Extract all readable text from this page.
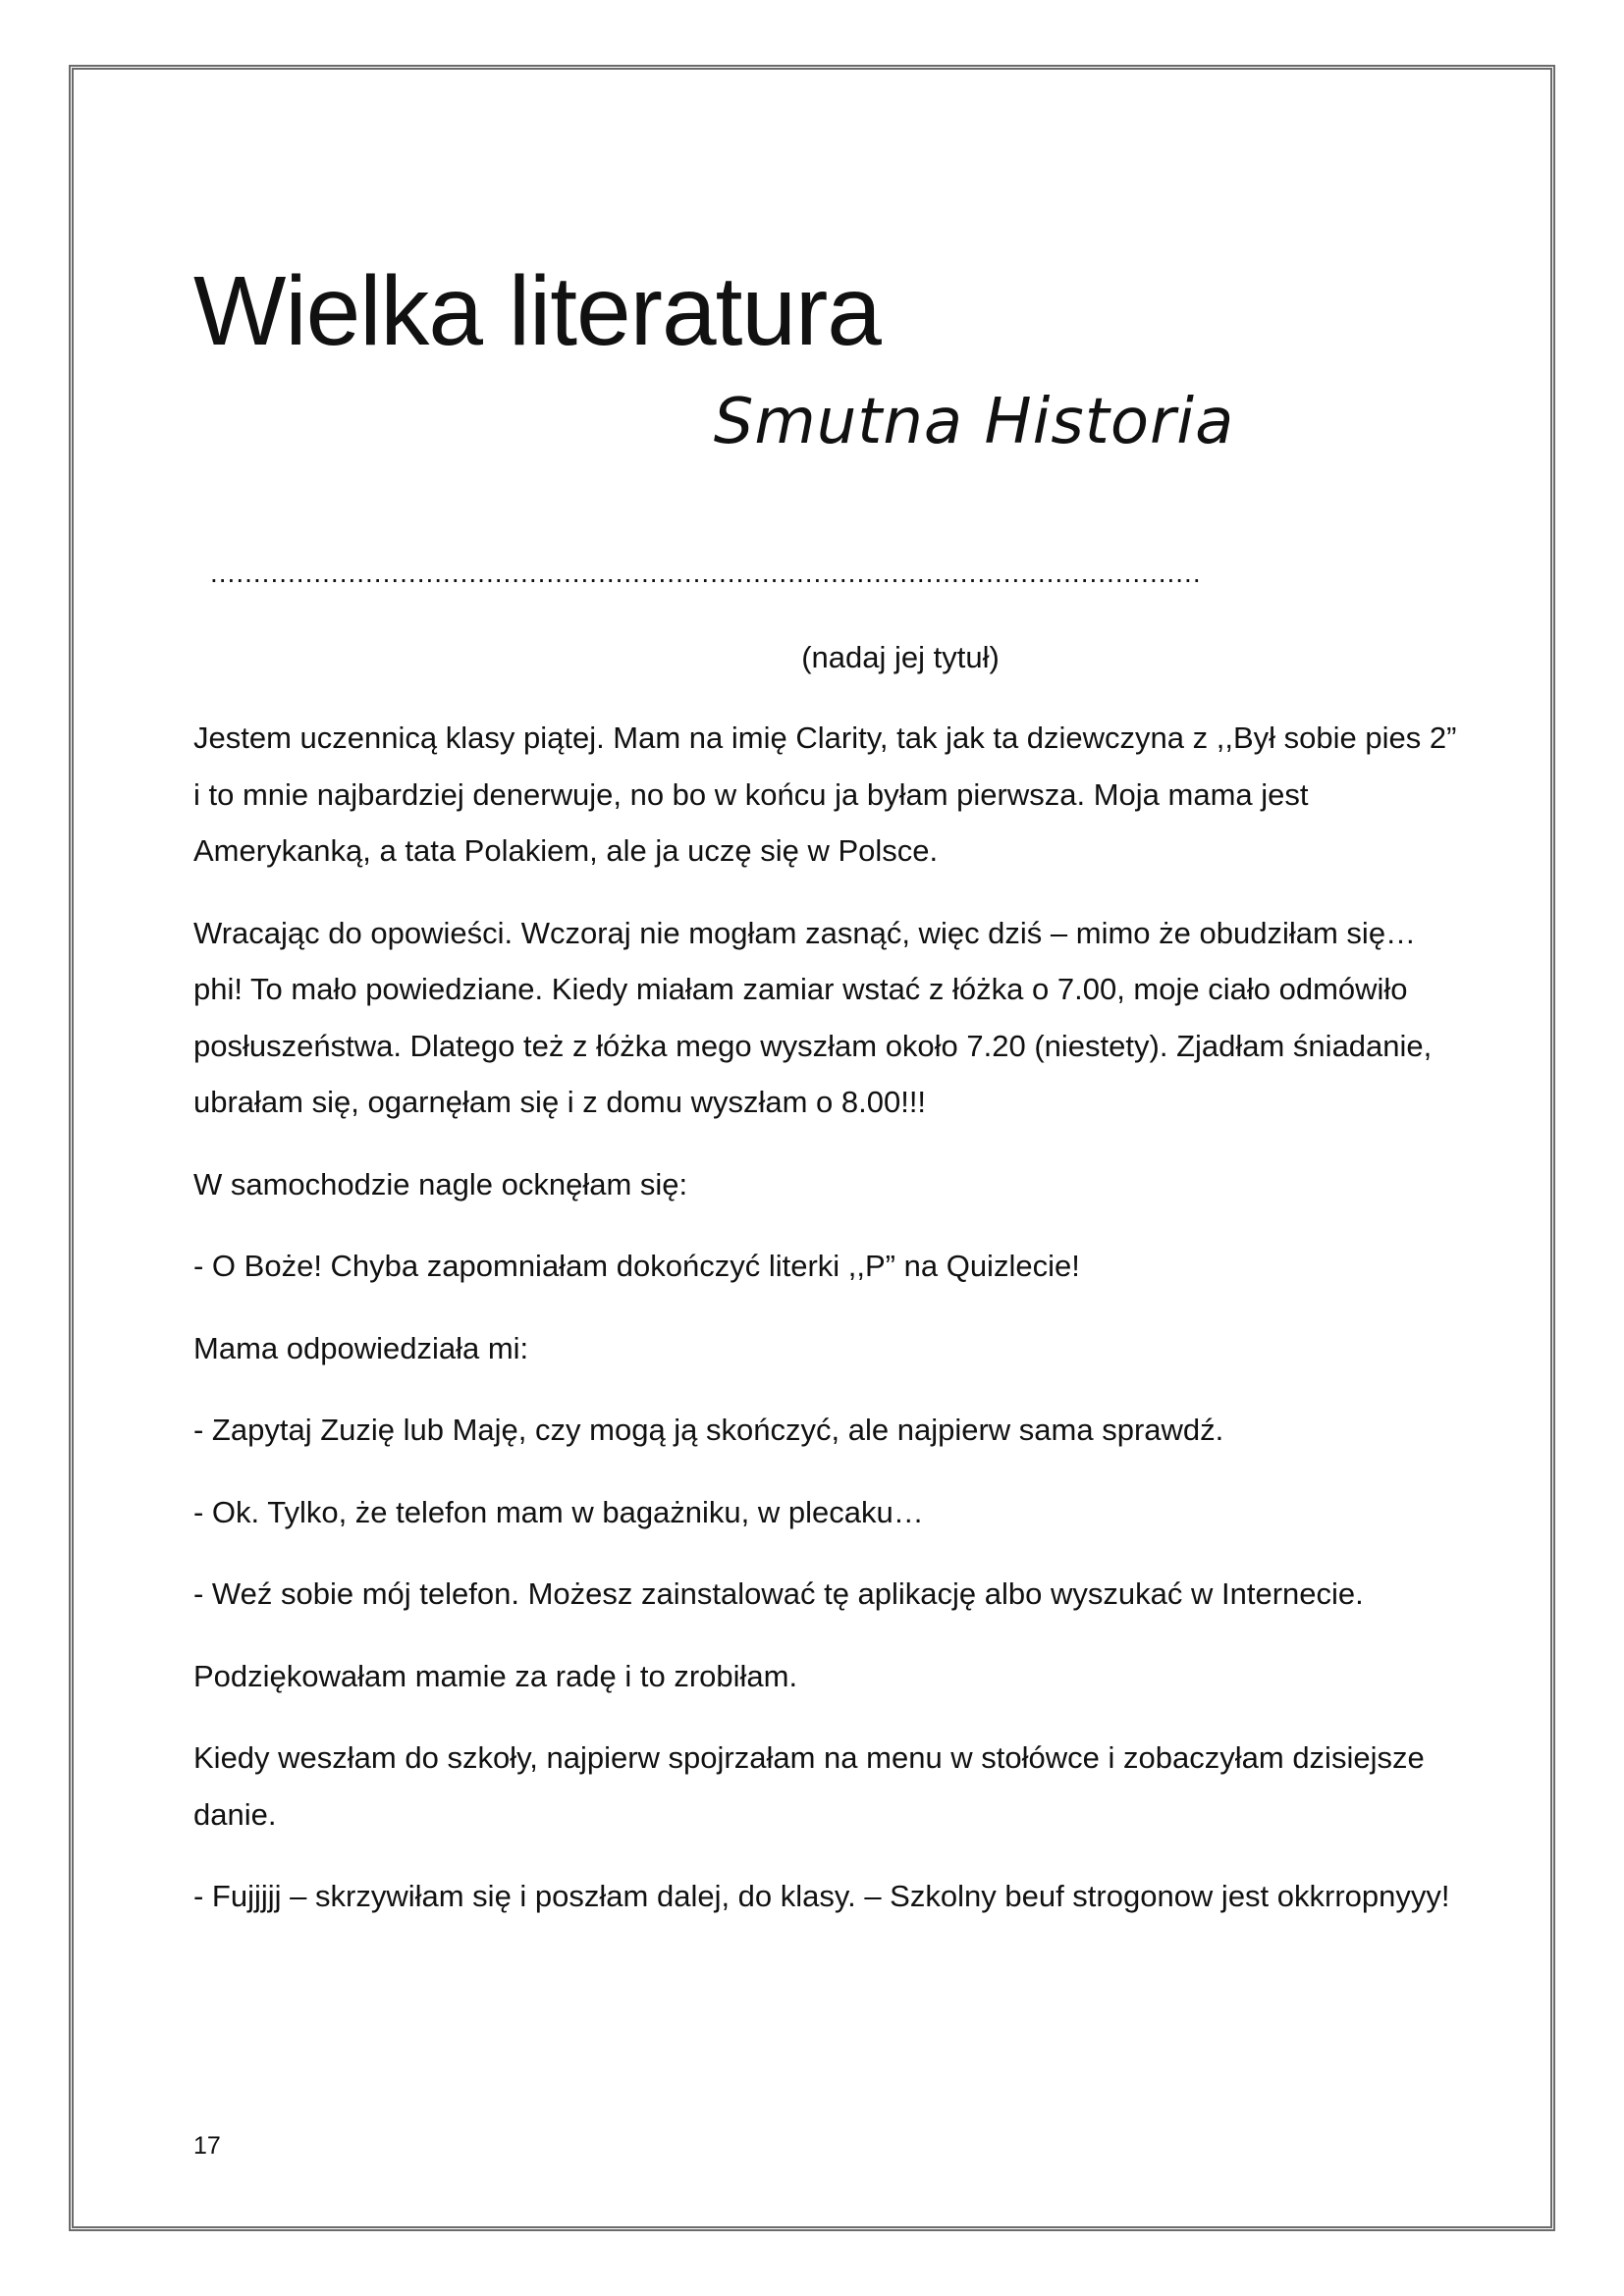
Wielka literatura
Smutna Historia
...................................................................................................................
(nadaj jej tytuł)

Jestem uczennicą klasy piątej. Mam na imię Clarity, tak jak ta dziewczyna z ,,Był sobie pies 2” i to mnie najbardziej denerwuje, no bo w końcu ja byłam pierwsza. Moja mama jest Amerykanką, a tata Polakiem, ale ja uczę się w Polsce.

Wracając do opowieści. Wczoraj nie mogłam zasnąć, więc dziś – mimo że obudziłam się… phi! To mało powiedziane. Kiedy miałam zamiar wstać z łóżka o 7.00, moje ciało odmówiło posłuszeństwa. Dlatego też z łóżka mego wyszłam około 7.20 (niestety). Zjadłam śniadanie, ubrałam się, ogarnęłam się i z domu wyszłam o 8.00!!!

W samochodzie nagle ocknęłam się:

- O Boże! Chyba zapomniałam dokończyć literki ,,P” na Quizlecie!

Mama odpowiedziała mi:

- Zapytaj Zuzię lub Maję, czy mogą ją skończyć, ale najpierw sama sprawdź.

- Ok. Tylko, że telefon mam w bagażniku, w plecaku…

- Weź sobie mój telefon. Możesz zainstalować tę aplikację albo wyszukać w Internecie.

Podziękowałam mamie za radę i to zrobiłam.

Kiedy weszłam do szkoły, najpierw spojrzałam na menu w stołówce i zobaczyłam dzisiejsze danie.

- Fujjjjj – skrzywiłam się i poszłam dalej, do klasy. – Szkolny beuf strogonow jest okkrropnyyy!

17
